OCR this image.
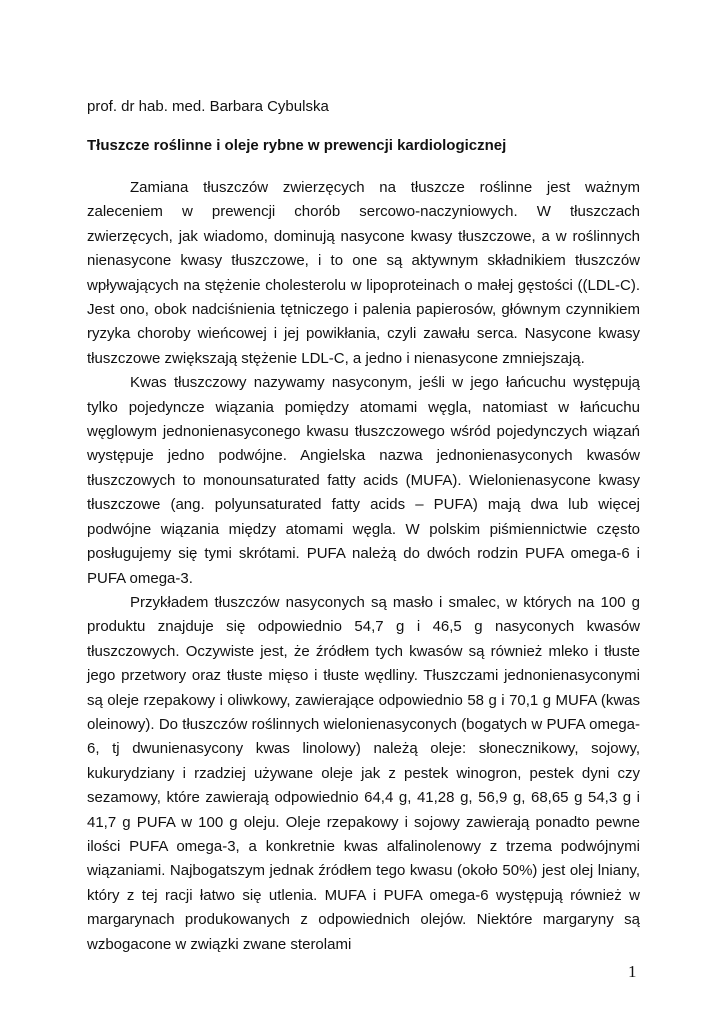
prof. dr hab. med. Barbara Cybulska
Tłuszcze roślinne i oleje rybne w prewencji kardiologicznej

Zamiana tłuszczów zwierzęcych na tłuszcze roślinne jest ważnym zaleceniem w prewencji chorób sercowo-naczyniowych. W tłuszczach zwierzęcych, jak wiadomo, dominują nasycone kwasy tłuszczowe, a w roślinnych nienasycone kwasy tłuszczowe, i to one są aktywnym składnikiem tłuszczów wpływających na stężenie cholesterolu w lipoproteinach o małej gęstości ((LDL-C). Jest ono, obok nadciśnienia tętniczego i palenia papierosów, głównym czynnikiem ryzyka choroby wieńcowej i jej powikłania, czyli zawału serca. Nasycone kwasy tłuszczowe zwiększają stężenie LDL-C, a jedno i nienasycone zmniejszają.

Kwas tłuszczowy nazywamy nasyconym, jeśli w jego łańcuchu występują tylko pojedyncze wiązania pomiędzy atomami węgla, natomiast w łańcuchu węglowym jednonienasyconego kwasu tłuszczowego wśród pojedynczych wiązań występuje jedno podwójne. Angielska nazwa jednonienasyconych kwasów tłuszczowych to monounsaturated fatty acids (MUFA). Wielonienasycone kwasy tłuszczowe (ang. polyunsaturated fatty acids – PUFA) mają dwa lub więcej podwójne wiązania między atomami węgla. W polskim piśmiennictwie często posługujemy się tymi skrótami. PUFA należą do dwóch rodzin PUFA omega-6 i PUFA omega-3.

Przykładem tłuszczów nasyconych są masło i smalec, w których na 100 g produktu znajduje się odpowiednio 54,7 g i 46,5 g nasyconych kwasów tłuszczowych. Oczywiste jest, że źródłem tych kwasów są również mleko i tłuste jego przetwory oraz tłuste mięso i tłuste wędliny. Tłuszczami jednonienasyconymi są oleje rzepakowy i oliwkowy, zawierające odpowiednio 58 g i 70,1 g MUFA (kwas oleinowy). Do tłuszczów roślinnych wielonienasyconych (bogatych w PUFA omega-6, tj dwunienasycony kwas linolowy) należą oleje: słonecznikowy, sojowy, kukurydziany i rzadziej używane oleje jak z pestek winogron, pestek dyni czy sezamowy, które zawierają odpowiednio 64,4 g, 41,28 g, 56,9 g, 68,65 g 54,3 g i 41,7 g PUFA w 100 g oleju. Oleje rzepakowy i sojowy zawierają ponadto pewne ilości PUFA omega-3, a konkretnie kwas alfalinolenowy z trzema podwójnymi wiązaniami. Najbogatszym jednak źródłem tego kwasu (około 50%) jest olej lniany, który z tej racji łatwo się utlenia. MUFA i PUFA omega-6 występują również w margarynach produkowanych z odpowiednich olejów. Niektóre margaryny są wzbogacone w związki zwane sterolami

1
